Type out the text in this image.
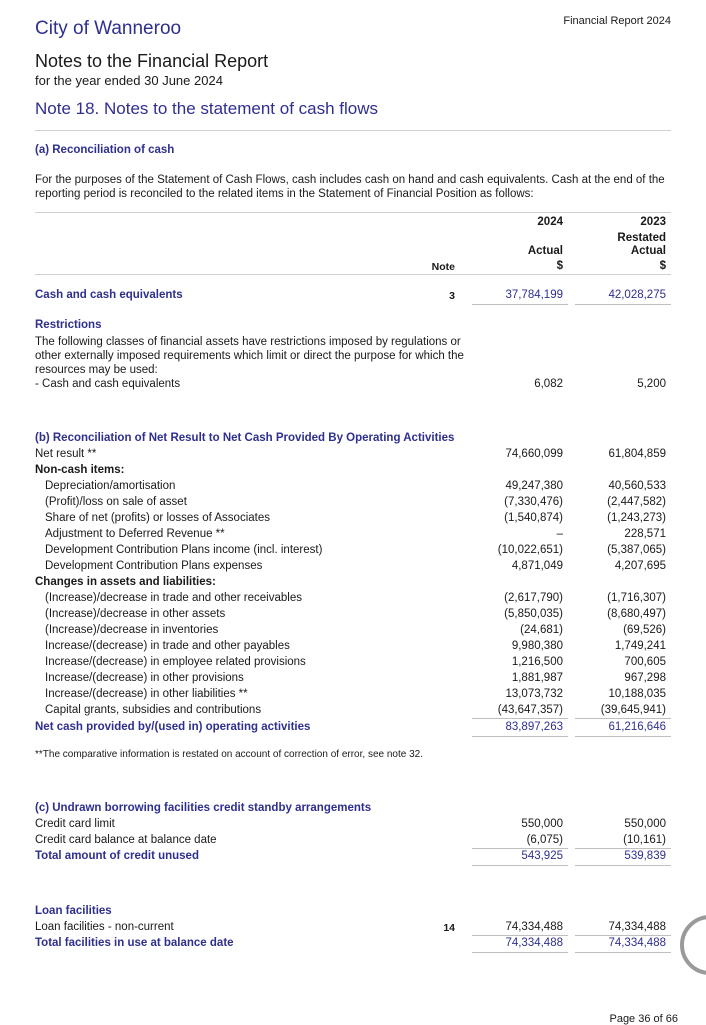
City of Wanneroo	Financial Report 2024
Notes to the Financial Report
for the year ended 30 June 2024
Note 18. Notes to the statement of cash flows
(a) Reconciliation of cash
For the purposes of the Statement of Cash Flows, cash includes cash on hand and cash equivalents. Cash at the end of the reporting period is reconciled to the related items in the Statement of Financial Position as follows:
2024	2023
Restated
Actual	Actual
Note	$	$
Cash and cash equivalents	3	37,784,199	42,028,275
Restrictions
The following classes of financial assets have restrictions imposed by regulations or other externally imposed requirements which limit or direct the purpose for which the resources may be used:
- Cash and cash equivalents	6,082	5,200
(b) Reconciliation of Net Result to Net Cash Provided By Operating Activities
Net result **	74,660,099	61,804,859
Non-cash items:
Depreciation/amortisation	49,247,380	40,560,533
(Profit)/loss on sale of asset	(7,330,476)	(2,447,582)
Share of net (profits) or losses of Associates	(1,540,874)	(1,243,273)
Adjustment to Deferred Revenue **	–	228,571
Development Contribution Plans income (incl. interest)	(10,022,651)	(5,387,065)
Development Contribution Plans expenses	4,871,049	4,207,695
Changes in assets and liabilities:
(Increase)/decrease in trade and other receivables	(2,617,790)	(1,716,307)
(Increase)/decrease in other assets	(5,850,035)	(8,680,497)
(Increase)/decrease in inventories	(24,681)	(69,526)
Increase/(decrease) in trade and other payables	9,980,380	1,749,241
Increase/(decrease) in employee related provisions	1,216,500	700,605
Increase/(decrease) in other provisions	1,881,987	967,298
Increase/(decrease) in other liabilities **	13,073,732	10,188,035
Capital grants, subsidies and contributions	(43,647,357)	(39,645,941)
Net cash provided by/(used in) operating activities	83,897,263	61,216,646
**The comparative information is restated on account of correction of error, see note 32.
(c) Undrawn borrowing facilities credit standby arrangements
Credit card limit	550,000	550,000
Credit card balance at balance date	(6,075)	(10,161)
Total amount of credit unused	543,925	539,839
Loan facilities
Loan facilities - non-current	14	74,334,488	74,334,488
Total facilities in use at balance date	74,334,488	74,334,488
Page 36 of 66
